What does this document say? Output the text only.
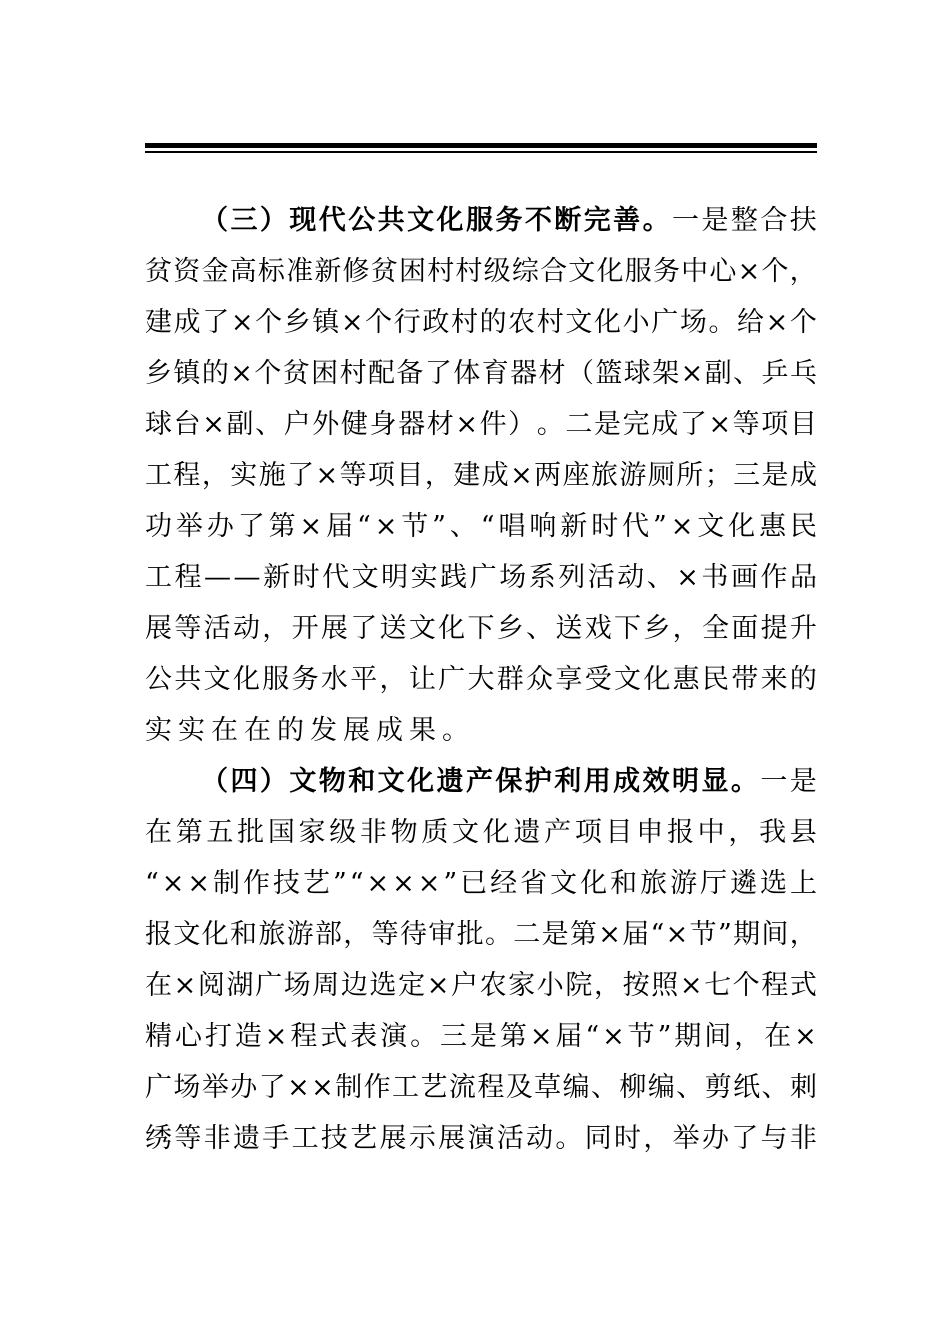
（ 三 ） 现 代 公 共 文 化 服 务 不 断 完 善 。 一 是 整 合 扶
贫 资 金 高 标 准 新 修 贫 困 村 村 级 综 合 文 化 服 务 中 心 × 个 ，
建 成 了 × 个 乡 镇 × 个 行 政 村 的 农 村 文 化 小 广 场 。 给 × 个
乡 镇 的 × 个 贫 困 村 配 备 了 体 育 器 材 （ 篮 球 架 × 副 、 乒 乓
球 台 × 副 、 户 外 健 身 器 材 × 件 ） 。 二 是 完 成 了 × 等 项 目
工 程 ， 实 施 了 × 等 项 目 ， 建 成 × 两 座 旅 游 厕 所 ； 三 是 成
功 举 办 了 第 × 届 “ × 节 ” 、 “ 唱 响 新 时 代 ” × 文 化 惠 民
工 程 — — 新 时 代 文 明 实 践 广 场 系 列 活 动 、 × 书 画 作 品
展 等 活 动 ， 开 展 了 送 文 化 下 乡 、 送 戏 下 乡 ， 全 面 提 升
公 共 文 化 服 务 水 平 ， 让 广 大 群 众 享 受 文 化 惠 民 带 来 的
实 实 在 在 的 发 展 成 果 。
（ 四 ） 文 物 和 文 化 遗 产 保 护 利 用 成 效 明 显 。 一 是
在 第 五 批 国 家 级 非 物 质 文 化 遗 产 项 目 申 报 中 ， 我 县
“ × × 制 作 技 艺 ” “ × × × ” 已 经 省 文 化 和 旅 游 厅 遴 选 上
报 文 化 和 旅 游 部 ， 等 待 审 批 。 二 是 第 × 届 “ × 节 ” 期 间 ，
在 × 阅 湖 广 场 周 边 选 定 × 户 农 家 小 院 ， 按 照 × 七 个 程 式
精 心 打 造 × 程 式 表 演 。 三 是 第 × 届 “ × 节 ” 期 间 ， 在 ×
广 场 举 办 了 × × 制 作 工 艺 流 程 及 草 编 、 柳 编 、 剪 纸 、 刺
绣 等 非 遗 手 工 技 艺 展 示 展 演 活 动 。 同 时 ， 举 办 了 与 非
